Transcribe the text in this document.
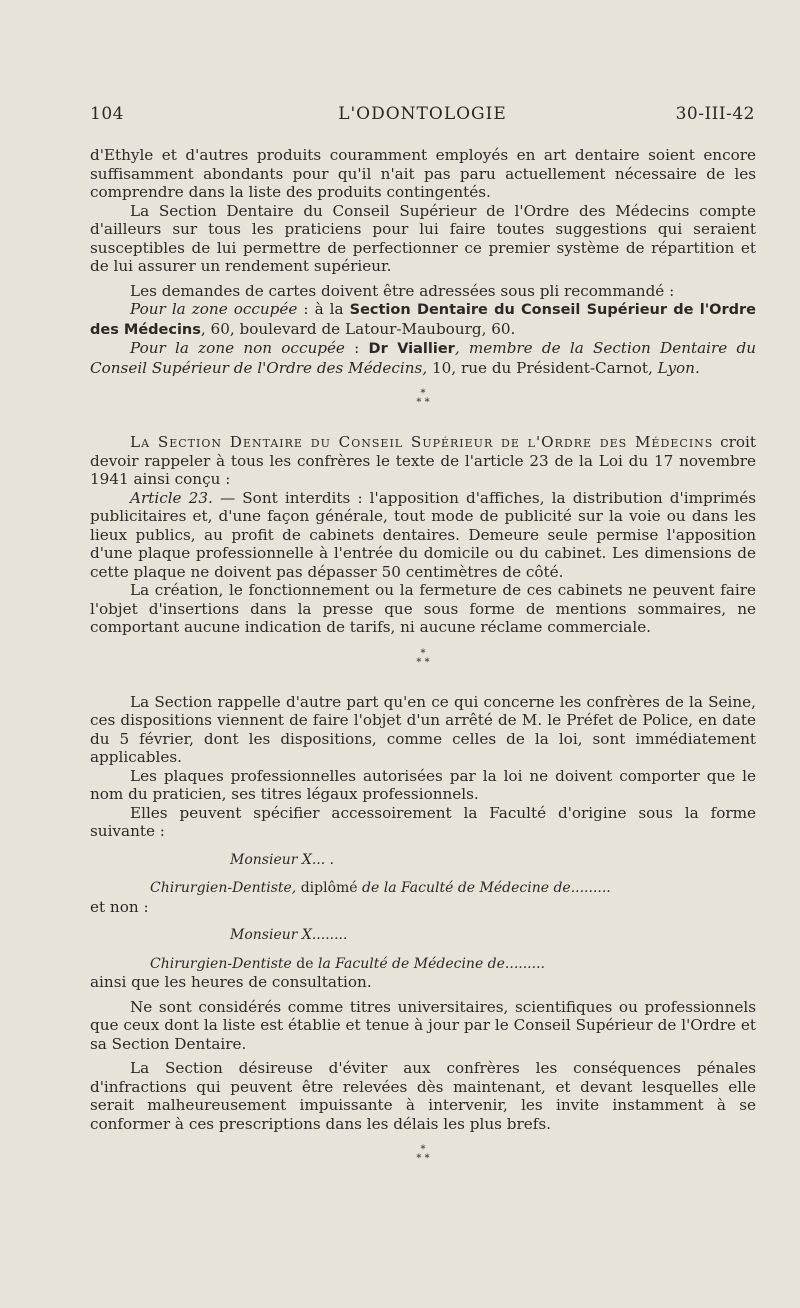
104	L'ODONTOLOGIE	30-III-42

d'Ethyle et d'autres produits couramment employés en art dentaire soient encore suffisamment abondants pour qu'il n'ait pas paru actuellement nécessaire de les comprendre dans la liste des produits contingentés.

La Section Dentaire du Conseil Supérieur de l'Ordre des Médecins compte d'ailleurs sur tous les praticiens pour lui faire toutes suggestions qui seraient susceptibles de lui permettre de perfectionner ce premier système de répartition et de lui assurer un rendement supérieur.

Les demandes de cartes doivent être adressées sous pli recommandé :

Pour la zone occupée : à la Section Dentaire du Conseil Supérieur de l'Ordre des Médecins, 60, boulevard de Latour-Maubourg, 60.

Pour la zone non occupée : Dr Viallier, membre de la Section Dentaire du Conseil Supérieur de l'Ordre des Médecins, 10, rue du Président-Carnot, Lyon.

*
* *

La Section Dentaire du Conseil Supérieur de l'Ordre des Médecins croit devoir rappeler à tous les confrères le texte de l'article 23 de la Loi du 17 novembre 1941 ainsi conçu :

Article 23. — Sont interdits : l'apposition d'affiches, la distribution d'imprimés publicitaires et, d'une façon générale, tout mode de publicité sur la voie ou dans les lieux publics, au profit de cabinets dentaires. Demeure seule permise l'apposition d'une plaque professionnelle à l'entrée du domicile ou du cabinet. Les dimensions de cette plaque ne doivent pas dépasser 50 centimètres de côté.

La création, le fonctionnement ou la fermeture de ces cabinets ne peuvent faire l'objet d'insertions dans la presse que sous forme de mentions sommaires, ne comportant aucune indication de tarifs, ni aucune réclame commerciale.

*
* *

La Section rappelle d'autre part qu'en ce qui concerne les confrères de la Seine, ces dispositions viennent de faire l'objet d'un arrêté de M. le Préfet de Police, en date du 5 février, dont les dispositions, comme celles de la loi, sont immédiatement applicables.

Les plaques professionnelles autorisées par la loi ne doivent comporter que le nom du praticien, ses titres légaux professionnels.

Elles peuvent spécifier accessoirement la Faculté d'origine sous la forme suivante :

Monsieur X... .

Chirurgien-Dentiste, diplômé de la Faculté de Médecine de.........

et non :

Monsieur X........

Chirurgien-Dentiste de la Faculté de Médecine de.........

ainsi que les heures de consultation.

Ne sont considérés comme titres universitaires, scientifiques ou professionnels que ceux dont la liste est établie et tenue à jour par le Conseil Supérieur de l'Ordre et sa Section Dentaire.

La Section désireuse d'éviter aux confrères les conséquences pénales d'infractions qui peuvent être relevées dès maintenant, et devant lesquelles elle serait malheureusement impuissante à intervenir, les invite instamment à se conformer à ces prescriptions dans les délais les plus brefs.

*
* *
